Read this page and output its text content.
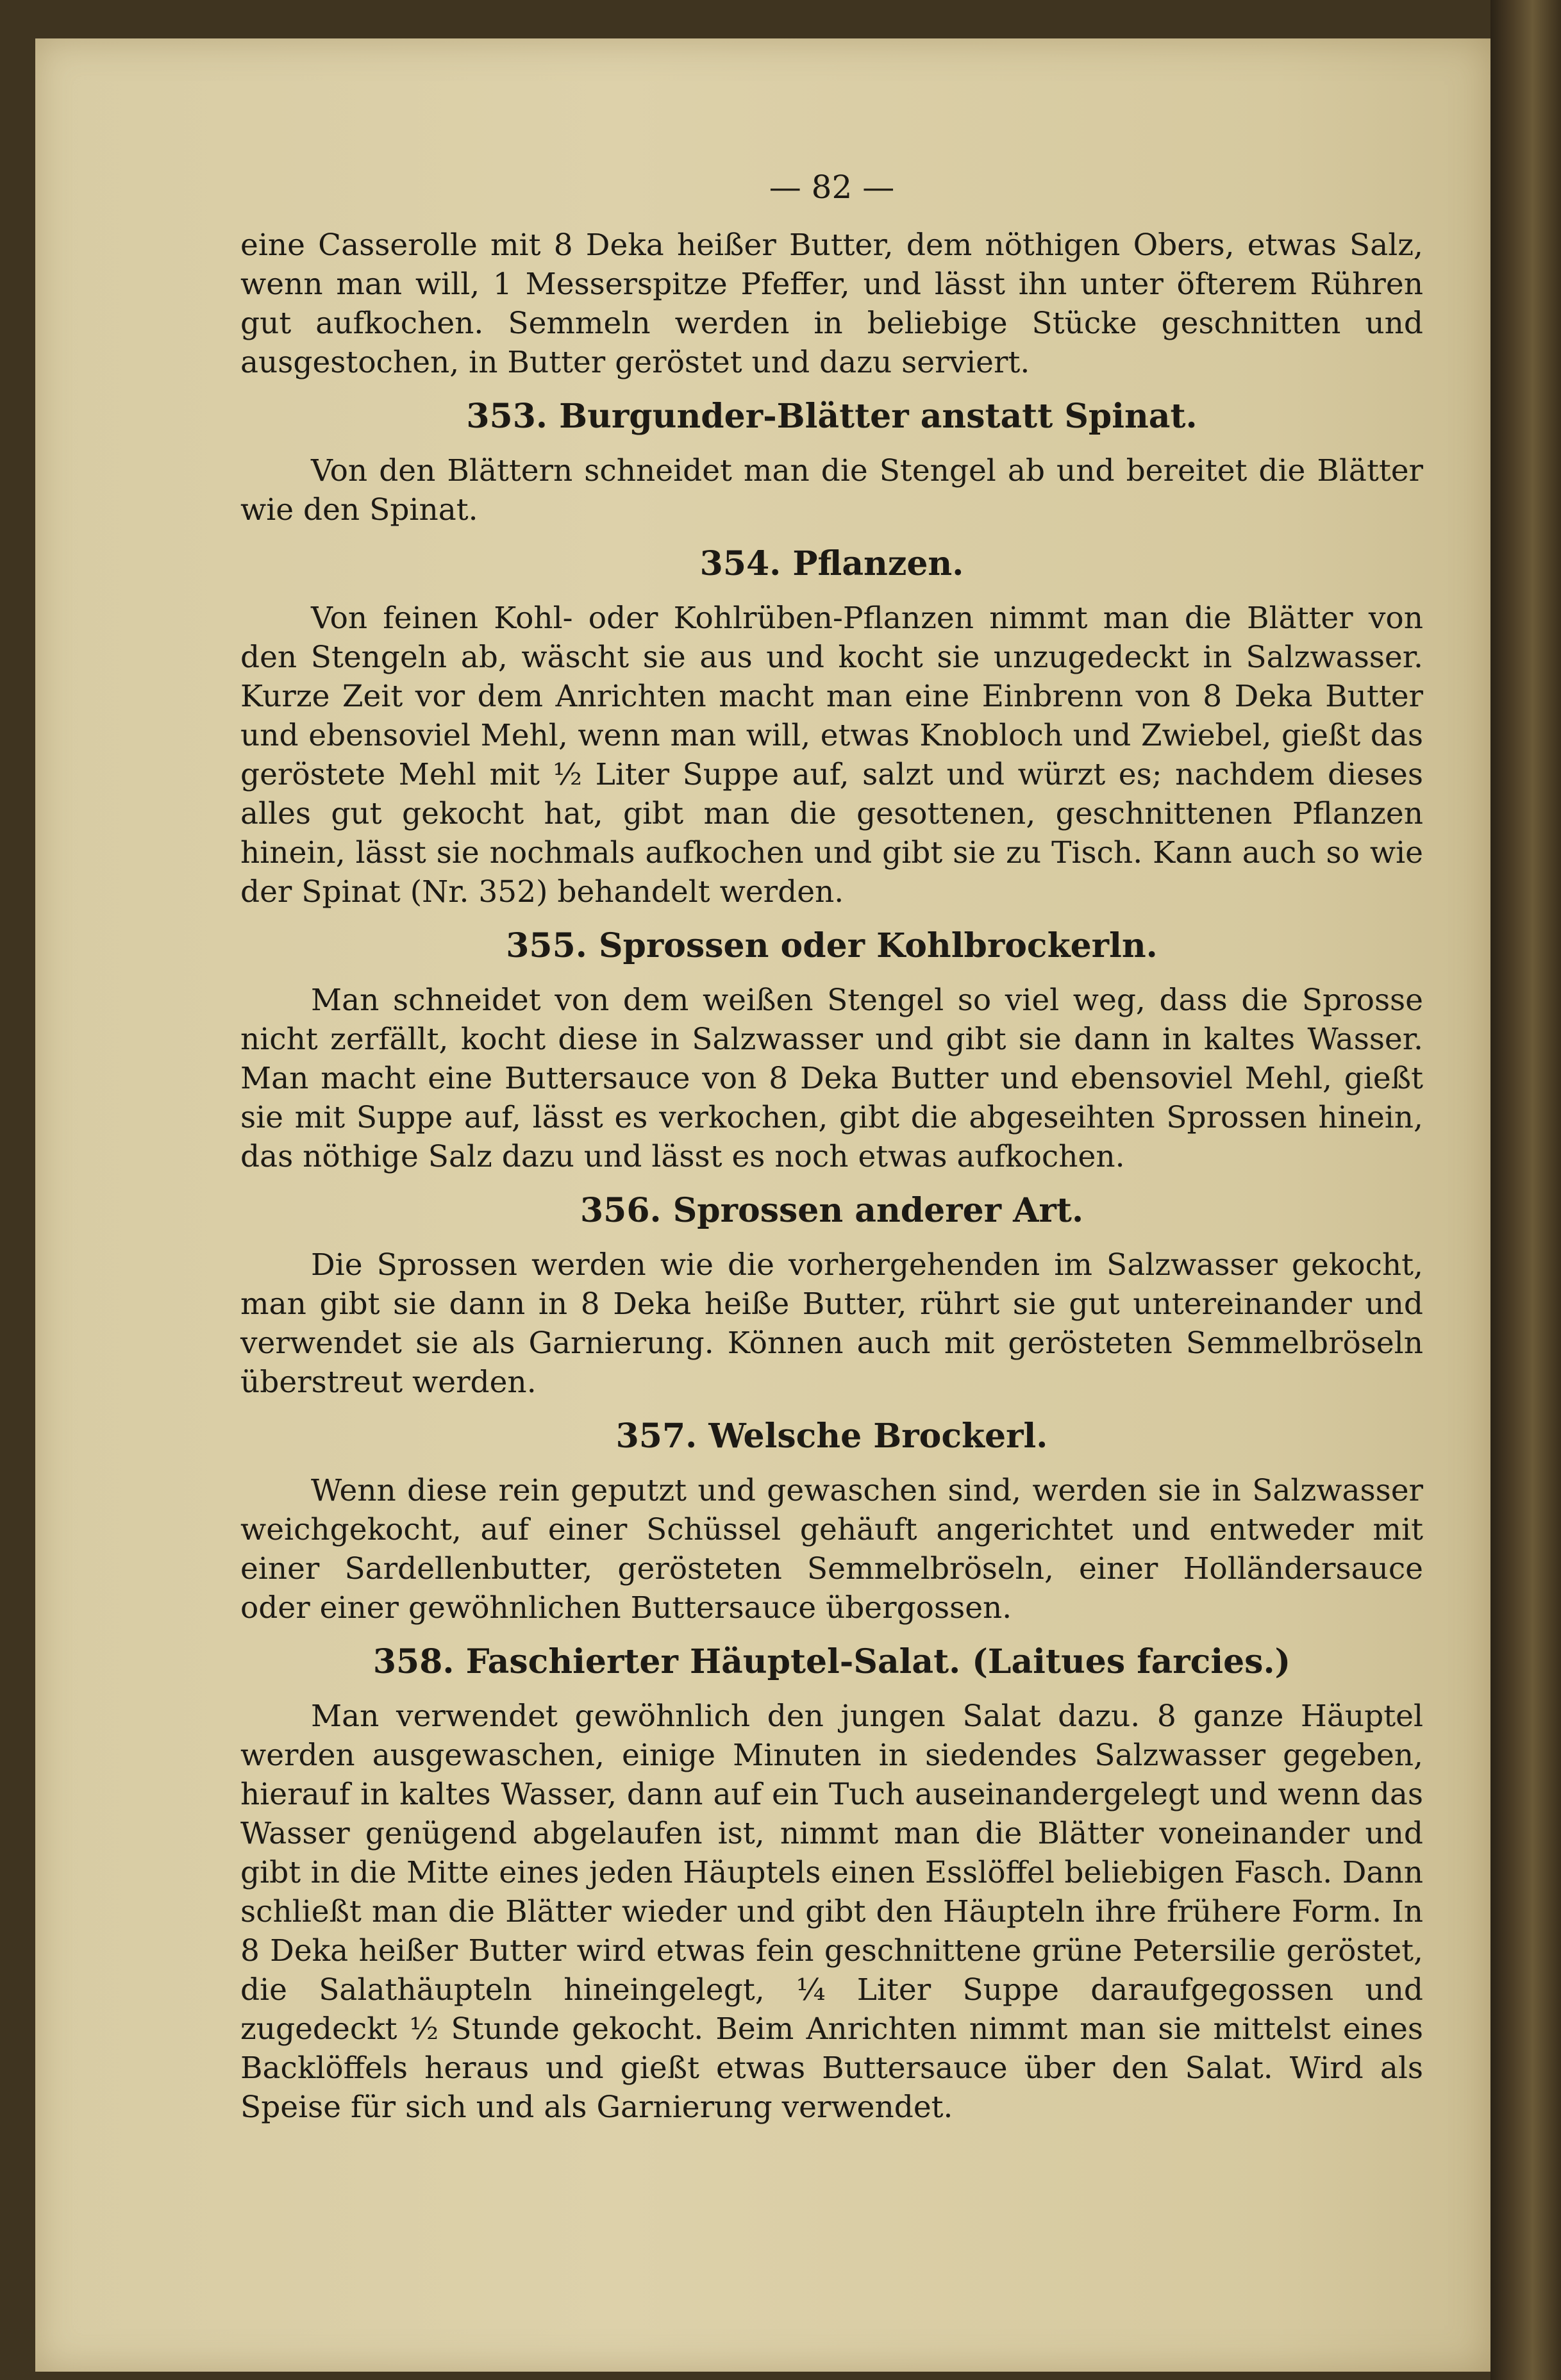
— 82 —

eine Casserolle mit 8 Deka heißer Butter, dem nöthigen Obers, etwas Salz, wenn man will, 1 Messerspitze Pfeffer, und lässt ihn unter öfterem Rühren gut aufkochen. Semmeln werden in beliebige Stücke geschnitten und ausgestochen, in Butter geröstet und dazu serviert.

353. Burgunder-Blätter anstatt Spinat.

Von den Blättern schneidet man die Stengel ab und bereitet die Blätter wie den Spinat.

354. Pflanzen.

Von feinen Kohl- oder Kohlrüben-Pflanzen nimmt man die Blätter von den Stengeln ab, wäscht sie aus und kocht sie unzugedeckt in Salzwasser. Kurze Zeit vor dem Anrichten macht man eine Einbrenn von 8 Deka Butter und ebensoviel Mehl, wenn man will, etwas Knobloch und Zwiebel, gießt das geröstete Mehl mit ½ Liter Suppe auf, salzt und würzt es; nachdem dieses alles gut gekocht hat, gibt man die gesottenen, geschnittenen Pflanzen hinein, lässt sie nochmals aufkochen und gibt sie zu Tisch. Kann auch so wie der Spinat (Nr. 352) behandelt werden.

355. Sprossen oder Kohlbrockerln.

Man schneidet von dem weißen Stengel so viel weg, dass die Sprosse nicht zerfällt, kocht diese in Salzwasser und gibt sie dann in kaltes Wasser. Man macht eine Buttersauce von 8 Deka Butter und ebensoviel Mehl, gießt sie mit Suppe auf, lässt es verkochen, gibt die abgeseihten Sprossen hinein, das nöthige Salz dazu und lässt es noch etwas aufkochen.

356. Sprossen anderer Art.

Die Sprossen werden wie die vorhergehenden im Salzwasser gekocht, man gibt sie dann in 8 Deka heiße Butter, rührt sie gut untereinander und verwendet sie als Garnierung. Können auch mit gerösteten Semmelbröseln überstreut werden.

357. Welsche Brockerl.

Wenn diese rein geputzt und gewaschen sind, werden sie in Salzwasser weichgekocht, auf einer Schüssel gehäuft angerichtet und entweder mit einer Sardellenbutter, gerösteten Semmelbröseln, einer Holländersauce oder einer gewöhnlichen Buttersauce übergossen.

358. Faschierter Häuptel-Salat. (Laitues farcies.)

Man verwendet gewöhnlich den jungen Salat dazu. 8 ganze Häuptel werden ausgewaschen, einige Minuten in siedendes Salzwasser gegeben, hierauf in kaltes Wasser, dann auf ein Tuch auseinandergelegt und wenn das Wasser genügend abgelaufen ist, nimmt man die Blätter voneinander und gibt in die Mitte eines jeden Häuptels einen Esslöffel beliebigen Fasch. Dann schließt man die Blätter wieder und gibt den Häupteln ihre frühere Form. In 8 Deka heißer Butter wird etwas fein geschnittene grüne Petersilie geröstet, die Salathäupteln hineingelegt, ¼ Liter Suppe daraufgegossen und zugedeckt ½ Stunde gekocht. Beim Anrichten nimmt man sie mittelst eines Backlöffels heraus und gießt etwas Buttersauce über den Salat. Wird als Speise für sich und als Garnierung verwendet.
